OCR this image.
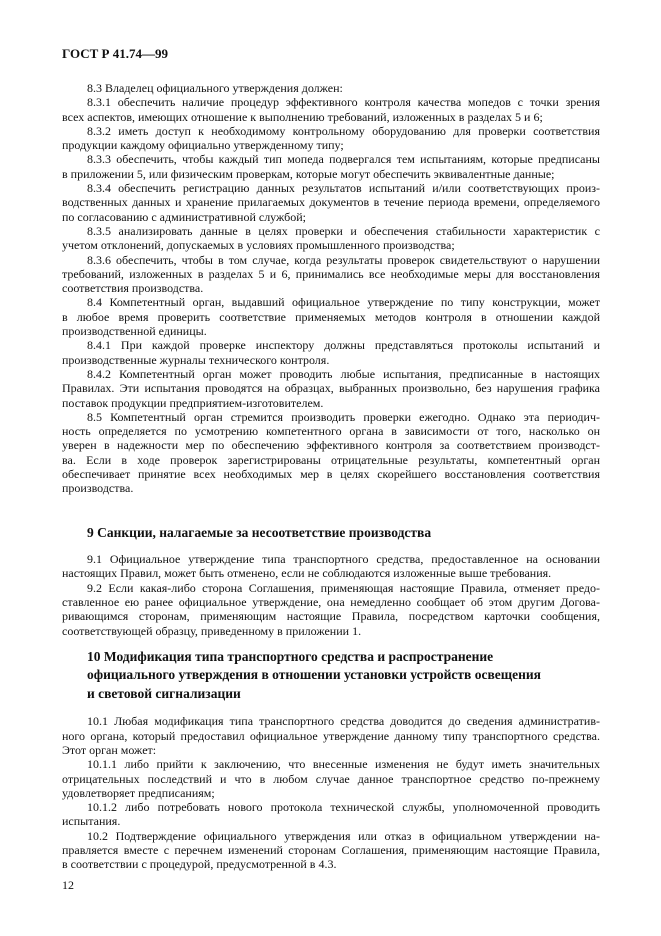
ГОСТ Р 41.74—99
8.3 Владелец официального утверждения должен:
8.3.1 обеспечить наличие процедур эффективного контроля качества мопедов с точки зрения
всех аспектов, имеющих отношение к выполнению требований, изложенных в разделах 5 и 6;
8.3.2 иметь доступ к необходимому контрольному оборудованию для проверки соответствия
продукции каждому официально утвержденному типу;
8.3.3 обеспечить, чтобы каждый тип мопеда подвергался тем испытаниям, которые предписаны
в приложении 5, или физическим проверкам, которые могут обеспечить эквивалентные данные;
8.3.4 обеспечить регистрацию данных результатов испытаний и/или соответствующих произ-
водственных данных и хранение прилагаемых документов в течение периода времени, определяемого
по согласованию с административной службой;
8.3.5 анализировать данные в целях проверки и обеспечения стабильности характеристик с
учетом отклонений, допускаемых в условиях промышленного производства;
8.3.6 обеспечить, чтобы в том случае, когда результаты проверок свидетельствуют о нарушении
требований, изложенных в разделах 5 и 6, принимались все необходимые меры для восстановления
соответствия производства.
8.4 Компетентный орган, выдавший официальное утверждение по типу конструкции, может
в любое время проверить соответствие применяемых методов контроля в отношении каждой
производственной единицы.
8.4.1 При каждой проверке инспектору должны представляться протоколы испытаний и
производственные журналы технического контроля.
8.4.2 Компетентный орган может проводить любые испытания, предписанные в настоящих
Правилах. Эти испытания проводятся на образцах, выбранных произвольно, без нарушения графика
поставок продукции предприятием-изготовителем.
8.5 Компетентный орган стремится производить проверки ежегодно. Однако эта периодич-
ность определяется по усмотрению компетентного органа в зависимости от того, насколько он
уверен в надежности мер по обеспечению эффективного контроля за соответствием производст-
ва. Если в ходе проверок зарегистрированы отрицательные результаты, компетентный орган
обеспечивает принятие всех необходимых мер в целях скорейшего восстановления соответствия
производства.
9 Санкции, налагаемые за несоответствие производства
9.1 Официальное утверждение типа транспортного средства, предоставленное на основании
настоящих Правил, может быть отменено, если не соблюдаются изложенные выше требования.
9.2 Если какая-либо сторона Соглашения, применяющая настоящие Правила, отменяет предо-
ставленное ею ранее официальное утверждение, она немедленно сообщает об этом другим Догова-
ривающимся сторонам, применяющим настоящие Правила, посредством карточки сообщения,
соответствующей образцу, приведенному в приложении 1.
10 Модификация типа транспортного средства и распространение
официального утверждения в отношении установки устройств освещения
и световой сигнализации
10.1 Любая модификация типа транспортного средства доводится до сведения административ-
ного органа, который предоставил официальное утверждение данному типу транспортного средства.
Этот орган может:
10.1.1 либо прийти к заключению, что внесенные изменения не будут иметь значительных
отрицательных последствий и что в любом случае данное транспортное средство по-прежнему
удовлетворяет предписаниям;
10.1.2 либо потребовать нового протокола технической службы, уполномоченной проводить
испытания.
10.2 Подтверждение официального утверждения или отказ в официальном утверждении на-
правляется вместе с перечнем изменений сторонам Соглашения, применяющим настоящие Правила,
в соответствии с процедурой, предусмотренной в 4.3.
12
